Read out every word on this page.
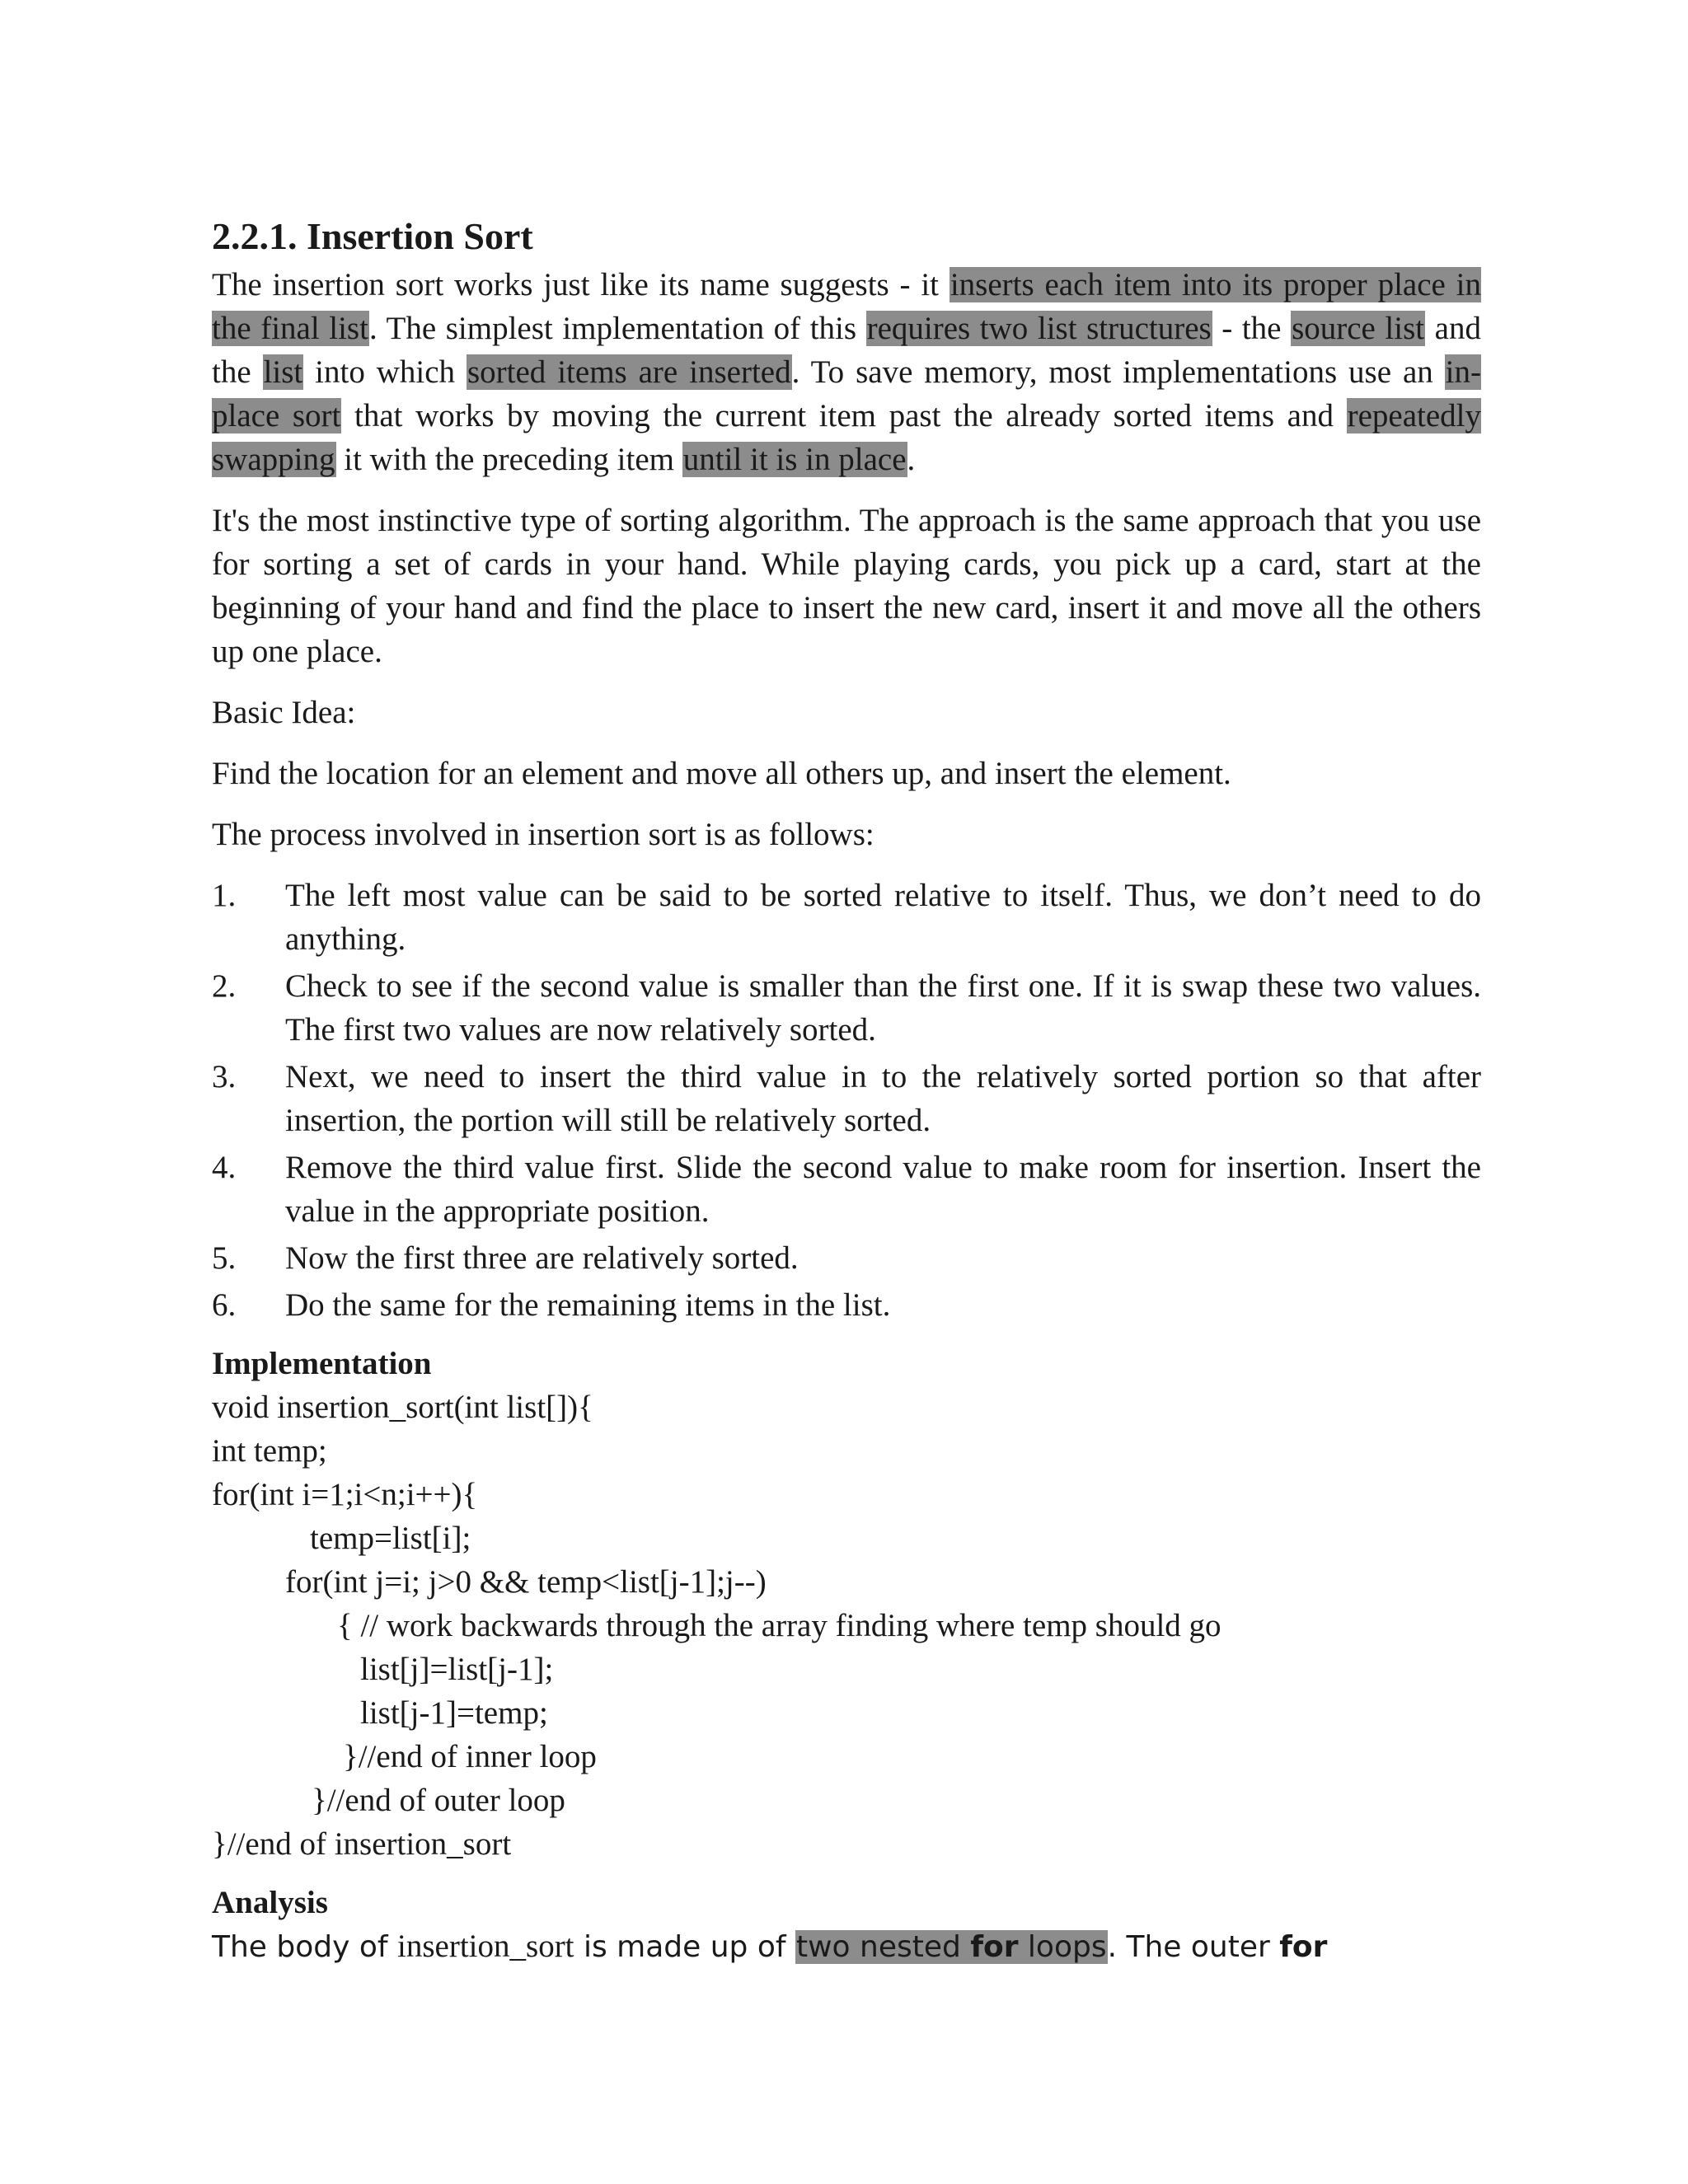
2.2.1. Insertion Sort

The insertion sort works just like its name suggests - it inserts each item into its proper place in the final list. The simplest implementation of this requires two list structures - the source list and the list into which sorted items are inserted. To save memory, most implementations use an in-place sort that works by moving the current item past the already sorted items and repeatedly swapping it with the preceding item until it is in place.

It's the most instinctive type of sorting algorithm. The approach is the same approach that you use for sorting a set of cards in your hand. While playing cards, you pick up a card, start at the beginning of your hand and find the place to insert the new card, insert it and move all the others up one place.

Basic Idea:

Find the location for an element and move all others up, and insert the element.

The process involved in insertion sort is as follows:

1. The left most value can be said to be sorted relative to itself. Thus, we don’t need to do anything.
2. Check to see if the second value is smaller than the first one. If it is swap these two values. The first two values are now relatively sorted.
3. Next, we need to insert the third value in to the relatively sorted portion so that after insertion, the portion will still be relatively sorted.
4. Remove the third value first. Slide the second value to make room for insertion. Insert the value in the appropriate position.
5. Now the first three are relatively sorted.
6. Do the same for the remaining items in the list.

Implementation

void insertion_sort(int list[]){

int temp;

for(int i=1;i<n;i++){

temp=list[i];

for(int j=i; j>0 && temp<list[j-1];j--)

{ // work backwards through the array finding where temp should go

list[j]=list[j-1];

list[j-1]=temp;

}//end of inner loop

}//end of outer loop

}//end of insertion_sort

Analysis

The body of insertion_sort is made up of two nested for loops. The outer for
